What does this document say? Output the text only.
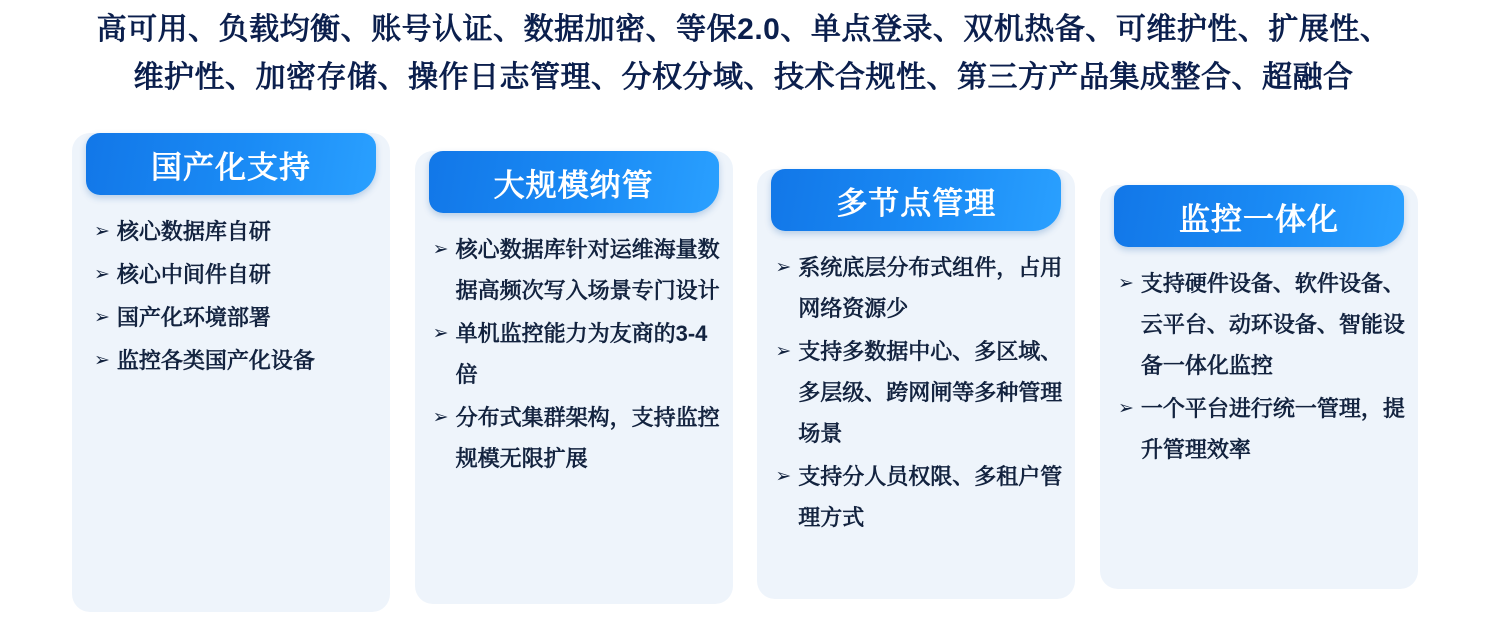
高可用、负载均衡、账号认证、数据加密、等保2.0、单点登录、双机热备、可维护性、扩展性、
维护性、加密存储、操作日志管理、分权分域、技术合规性、第三方产品集成整合、超融合
➢ 核心数据库自研
➢ 核心中间件自研
➢ 国产化环境部署
➢ 监控各类国产化设备
国产化支持
➢ 核心数据库针对运维海量数据高频次写入场景专门设计
➢ 单机监控能力为友商的3-4倍
➢ 分布式集群架构，支持监控规模无限扩展
大规模纳管
➢ 系统底层分布式组件，占用网络资源少
➢ 支持多数据中心、多区域、多层级、跨网闸等多种管理场景
➢ 支持分人员权限、多租户管理方式
多节点管理
➢ 支持硬件设备、软件设备、云平台、动环设备、智能设备一体化监控
➢ 一个平台进行统一管理，提升管理效率
监控一体化
